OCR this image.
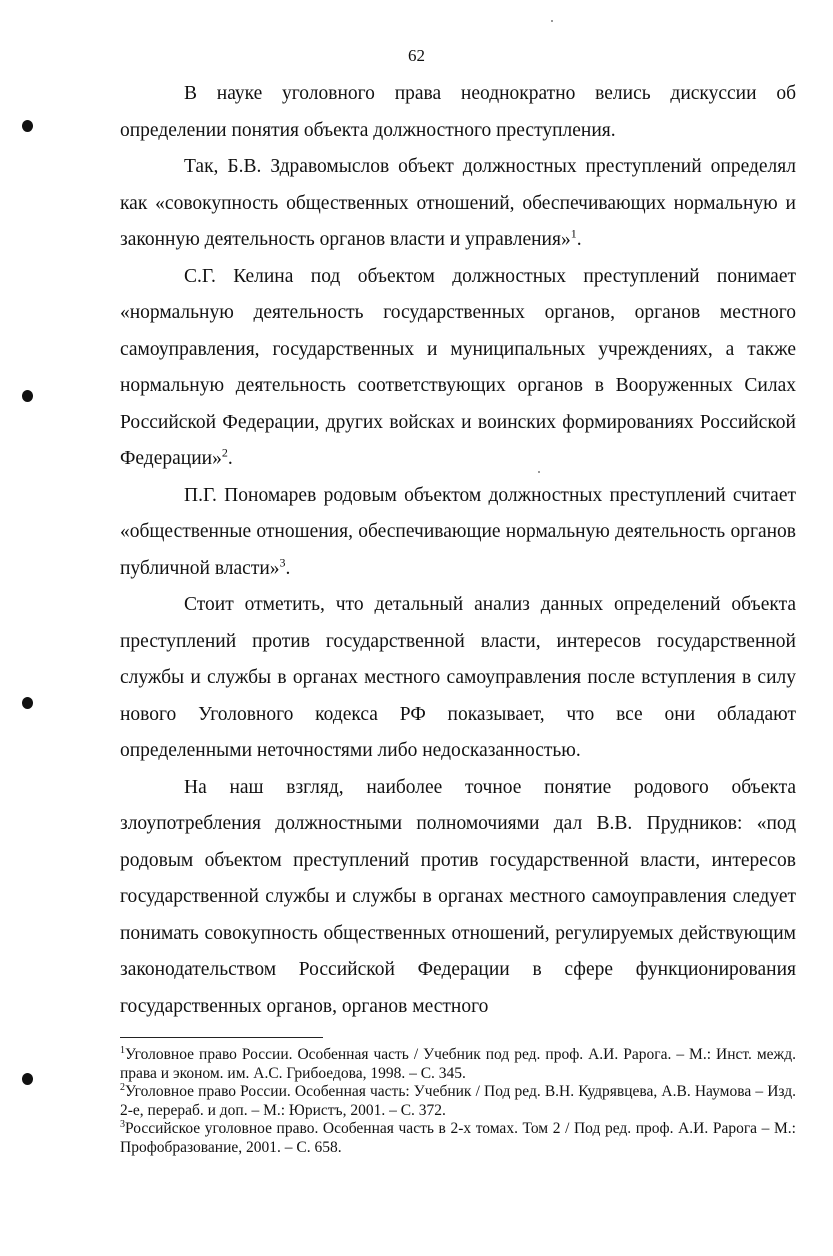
62

В науке уголовного права неоднократно велись дискуссии об определении понятия объекта должностного преступления.

Так, Б.В. Здравомыслов объект должностных преступлений определял как «совокупность общественных отношений, обеспечивающих нормальную и законную деятельность органов власти и управления»$^1$.

С.Г. Келина под объектом должностных преступлений понимает «нормальную деятельность государственных органов, органов местного самоуправления, государственных и муниципальных учреждениях, а также нормальную деятельность соответствующих органов в Вооруженных Силах Российской Федерации, других войсках и воинских формированиях Российской Федерации»$^2$.

П.Г. Пономарев родовым объектом должностных преступлений считает «общественные отношения, обеспечивающие нормальную деятельность органов публичной власти»$^3$.

Стоит отметить, что детальный анализ данных определений объекта преступлений против государственной власти, интересов государственной службы и службы в органах местного самоуправления после вступления в силу нового Уголовного кодекса РФ показывает, что все они обладают определенными неточностями либо недосказанностью.

На наш взгляд, наиболее точное понятие родового объекта злоупотребления должностными полномочиями дал В.В. Прудников: «под родовым объектом преступлений против государственной власти, интересов государственной службы и службы в органах местного самоуправления следует понимать совокупность общественных отношений, регулируемых действующим законодательством Российской Федерации в сфере функционирования государственных органов, органов местного

$^1$Уголовное право России. Особенная часть / Учебник под ред. проф. А.И. Рарога. – М.: Инст. межд. права и эконом. им. А.С. Грибоедова, 1998. – С. 345.

$^2$Уголовное право России. Особенная часть: Учебник / Под ред. В.Н. Кудрявцева, А.В. Наумова – Изд. 2-е, перераб. и доп. – М.: Юристъ, 2001. – С. 372.

$^3$Российское уголовное право. Особенная часть в 2-х томах. Том 2 / Под ред. проф. А.И. Рарога – М.: Профобразование, 2001. – С. 658.
